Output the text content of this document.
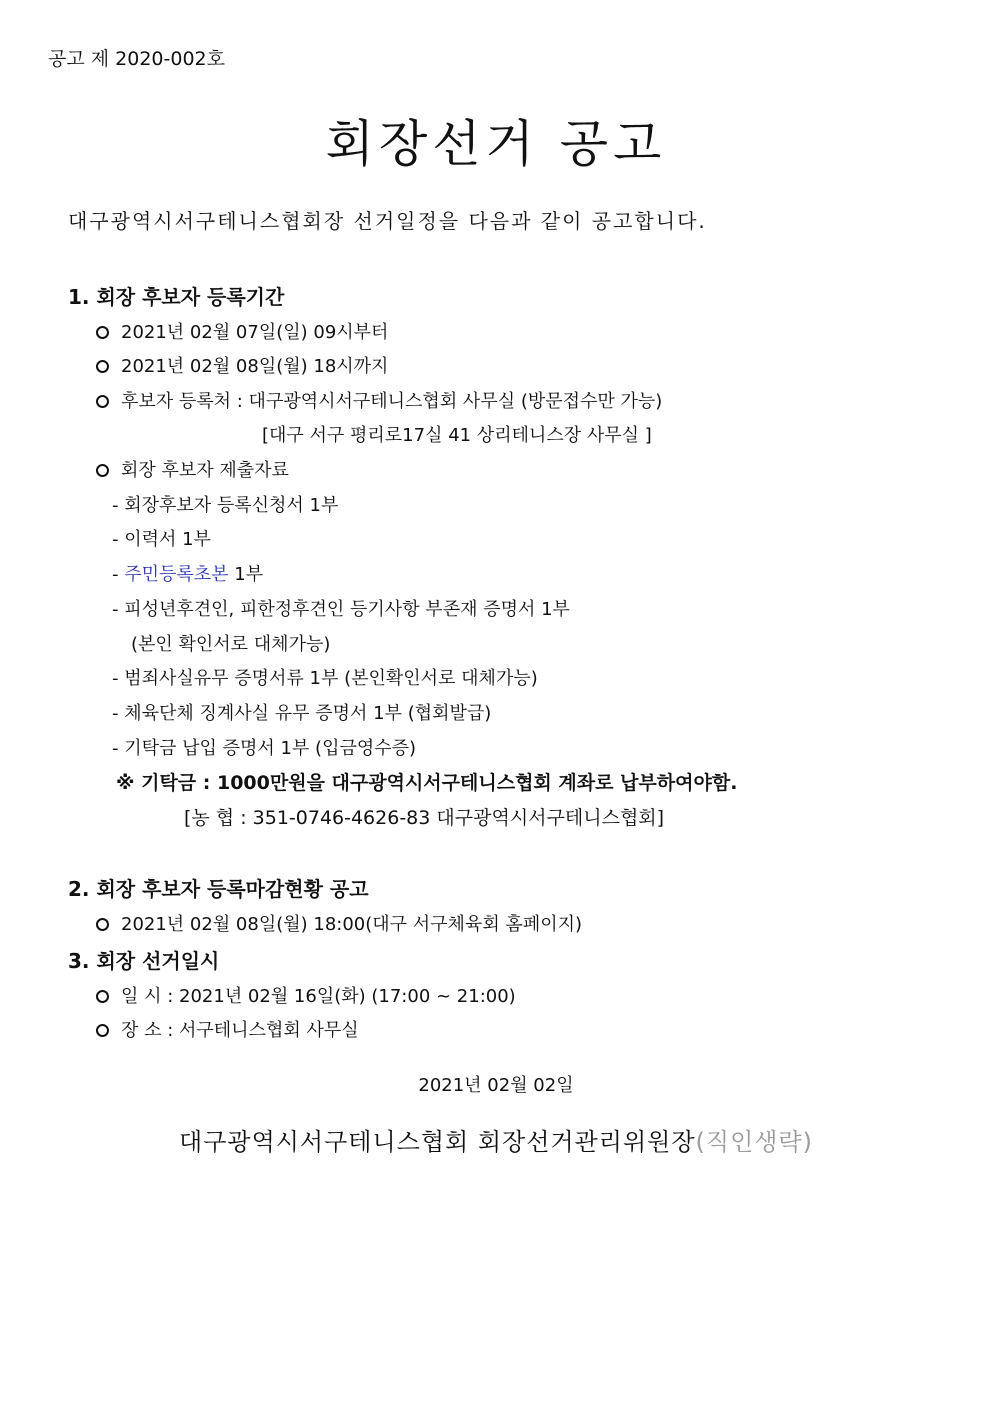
공고 제 2020-002호
회장선거 공고
대구광역시서구테니스협회장 선거일정을 다음과 같이 공고합니다.
1. 회장 후보자 등록기간
2021년 02월 07일(일) 09시부터
2021년 02월 08일(월) 18시까지
후보자 등록처 : 대구광역시서구테니스협회 사무실 (방문접수만 가능)
[대구 서구 평리로17실 41 상리테니스장 사무실 ]
회장 후보자 제출자료
- 회장후보자 등록신청서 1부
- 이력서 1부
- 주민등록초본 1부
- 피성년후견인, 피한정후견인 등기사항 부존재 증명서 1부
(본인 확인서로 대체가능)
- 범죄사실유무 증명서류 1부 (본인확인서로 대체가능)
- 체육단체 징계사실 유무 증명서 1부 (협회발급)
- 기탁금 납입 증명서 1부 (입금영수증)
※ 기탁금 : 1000만원을 대구광역시서구테니스협회 계좌로 납부하여야함.
[농 협 : 351-0746-4626-83 대구광역시서구테니스협회]
2. 회장 후보자 등록마감현황 공고
2021년 02월 08일(월) 18:00(대구 서구체육회 홈페이지)
3. 회장 선거일시
일 시 : 2021년 02월 16일(화) (17:00 ~ 21:00)
장 소 : 서구테니스협회 사무실
2021년 02월 02일
대구광역시서구테니스협회 회장선거관리위원장(직인생략)
